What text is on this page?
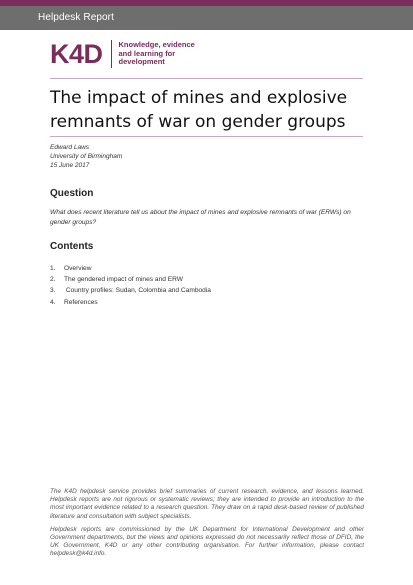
Helpdesk Report
K4D Knowledge, evidence
and learning for
development
The impact of mines and explosive remnants of war on gender groups
Edward Laws
University of Birmingham
15 June 2017
Question
What does recent literature tell us about the impact of mines and explosive remnants of war (ERWs) on gender groups?
Contents
1.	Overview
2.	The gendered impact of mines and ERW
3.	Country profiles: Sudan, Colombia and Cambodia
4.	References

The K4D helpdesk service provides brief summaries of current research, evidence, and lessons learned. Helpdesk reports are not rigorous or systematic reviews; they are intended to provide an introduction to the most important evidence related to a research question. They draw on a rapid desk-based review of published literature and consultation with subject specialists.

Helpdesk reports are commissioned by the UK Department for International Development and other Government departments, but the views and opinions expressed do not necessarily reflect those of DFID, the UK Government, K4D or any other contributing organisation. For further information, please contact helpdesk@k4d.info.
